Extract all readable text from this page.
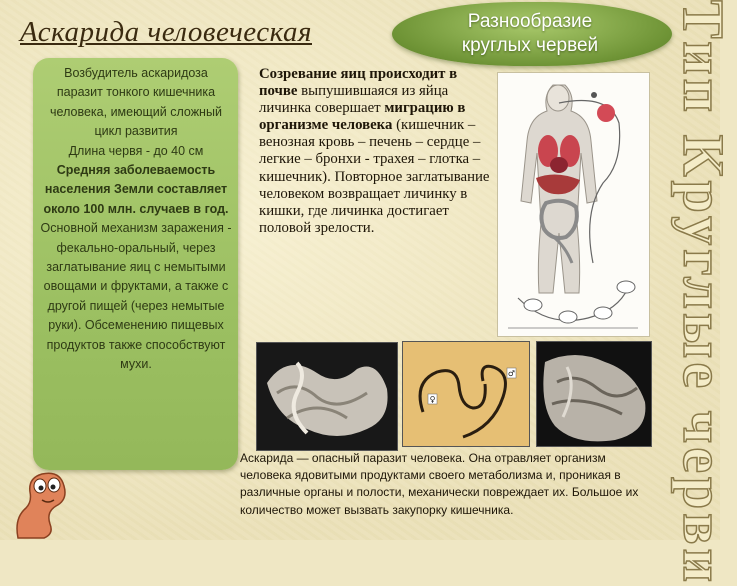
Аскарида человеческая	Разнообразие
круглых червей	Тип Круглые черви
Возбудитель аскаридоза паразит тонкого кишечника человека, имеющий сложный цикл развития
Длина червя - до 40 см
Средняя заболеваемость населения Земли составляет около 100 млн. случаев в год.
Основной механизм заражения - фекально-оральный, через заглатывание яиц с немытыми овощами и фруктами, а также с другой пищей (через немытые руки). Обсеменению пищевых продуктов также способствуют мухи.
Созревание яиц происходит в почве выпушившаяся из яйца личинка совершает миграцию в организме человека (кишечник – венозная кровь – печень – сердце – легкие – бронхи - трахея – глотка – кишечник). Повторное заглатывание человеком возвращает личинку в кишки, где личинка достигает половой зрелости.
♀
♂
Аскарида — опасный паразит человека. Она отравляет организм человека ядовитыми продуктами своего метаболизма и, проникая в различные органы и полости, механически повреждает их. Большое их количество может вызвать закупорку кишечника.
